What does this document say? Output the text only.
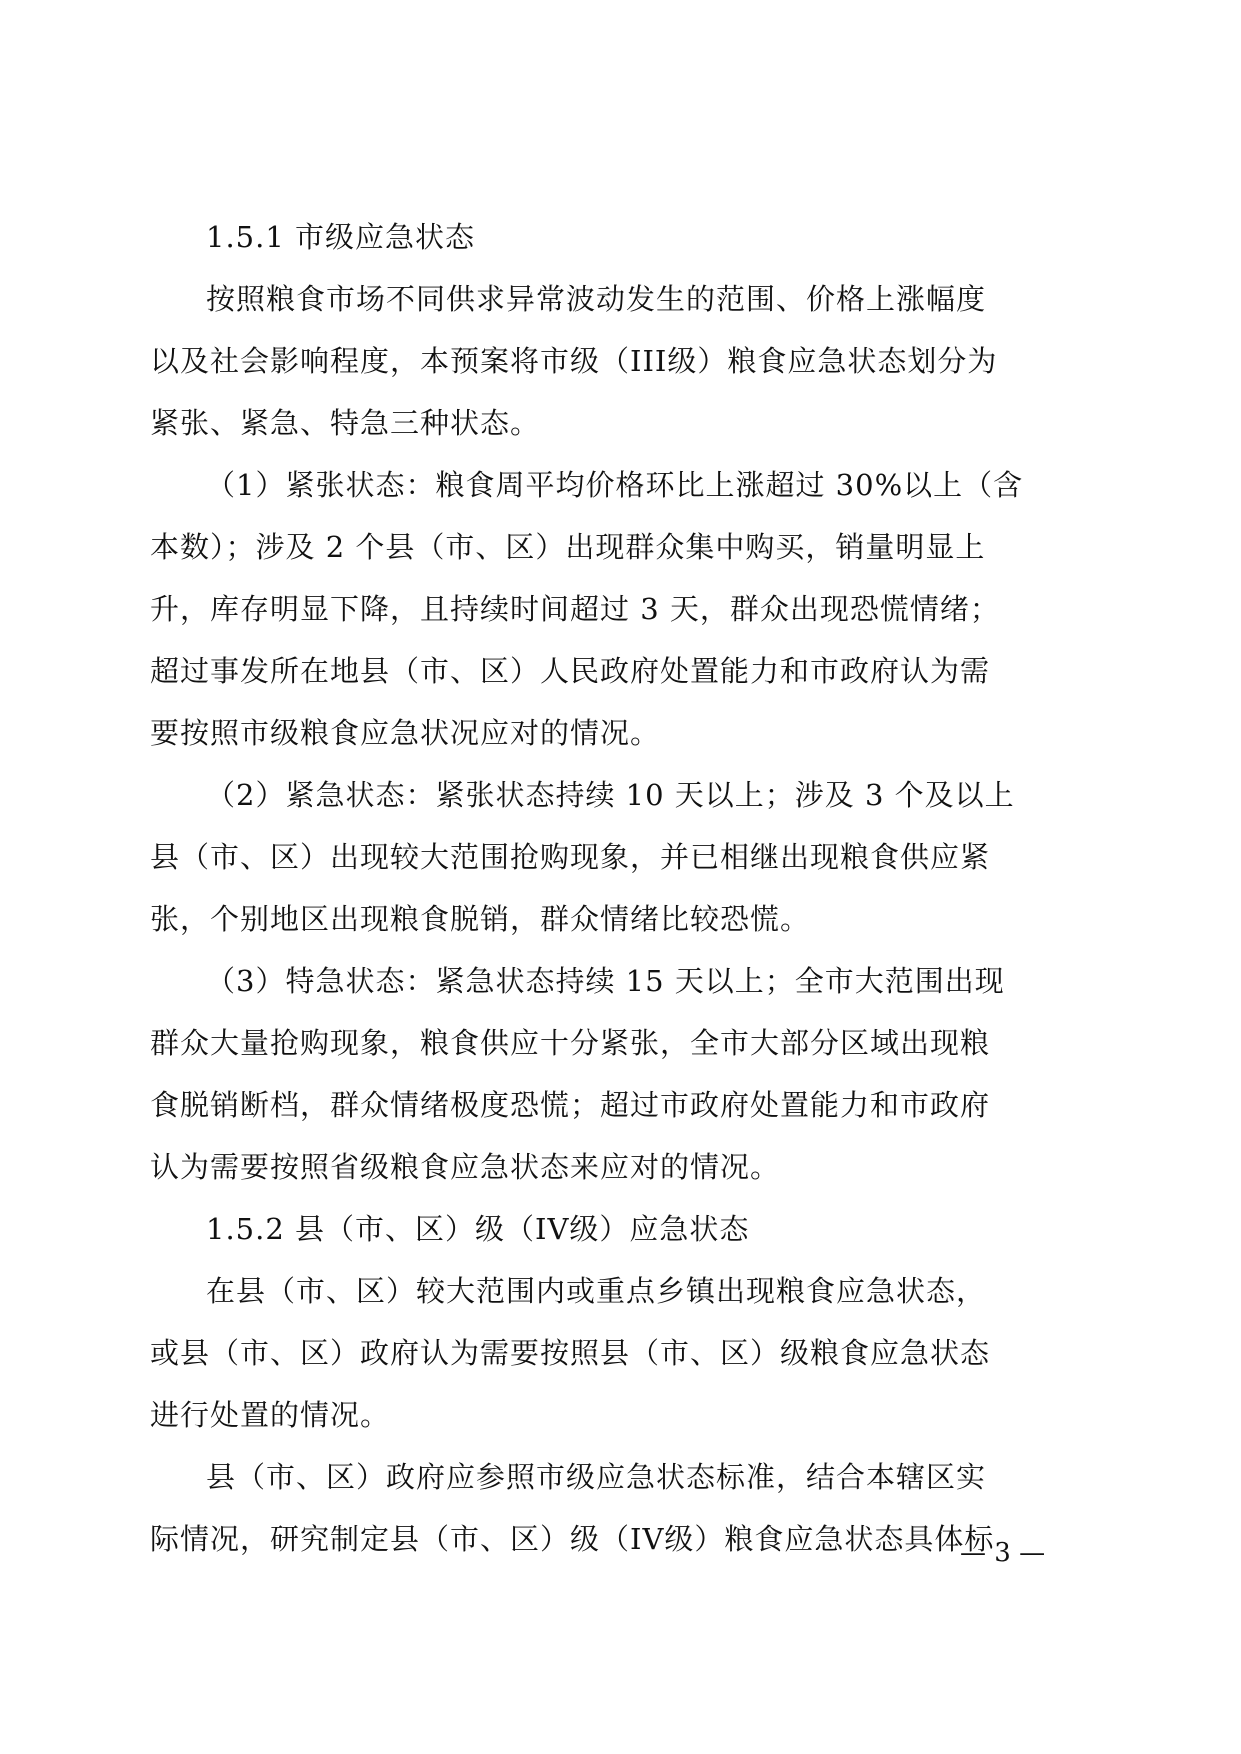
1.5.1 市级应急状态
按照粮食市场不同供求异常波动发生的范围、价格上涨幅度
以及社会影响程度，本预案将市级（III级）粮食应急状态划分为
紧张、紧急、特急三种状态。
（1）紧张状态：粮食周平均价格环比上涨超过 30%以上（含
本数）；涉及 2 个县（市、区）出现群众集中购买，销量明显上
升，库存明显下降，且持续时间超过 3 天，群众出现恐慌情绪；
超过事发所在地县（市、区）人民政府处置能力和市政府认为需
要按照市级粮食应急状况应对的情况。
（2）紧急状态：紧张状态持续 10 天以上；涉及 3 个及以上
县（市、区）出现较大范围抢购现象，并已相继出现粮食供应紧
张，个别地区出现粮食脱销，群众情绪比较恐慌。
（3）特急状态：紧急状态持续 15 天以上；全市大范围出现
群众大量抢购现象，粮食供应十分紧张，全市大部分区域出现粮
食脱销断档，群众情绪极度恐慌；超过市政府处置能力和市政府
认为需要按照省级粮食应急状态来应对的情况。
1.5.2 县（市、区）级（IV级）应急状态
在县（市、区）较大范围内或重点乡镇出现粮食应急状态，
或县（市、区）政府认为需要按照县（市、区）级粮食应急状态
进行处置的情况。
县（市、区）政府应参照市级应急状态标准，结合本辖区实
际情况，研究制定县（市、区）级（IV级）粮食应急状态具体标
— 3 —
